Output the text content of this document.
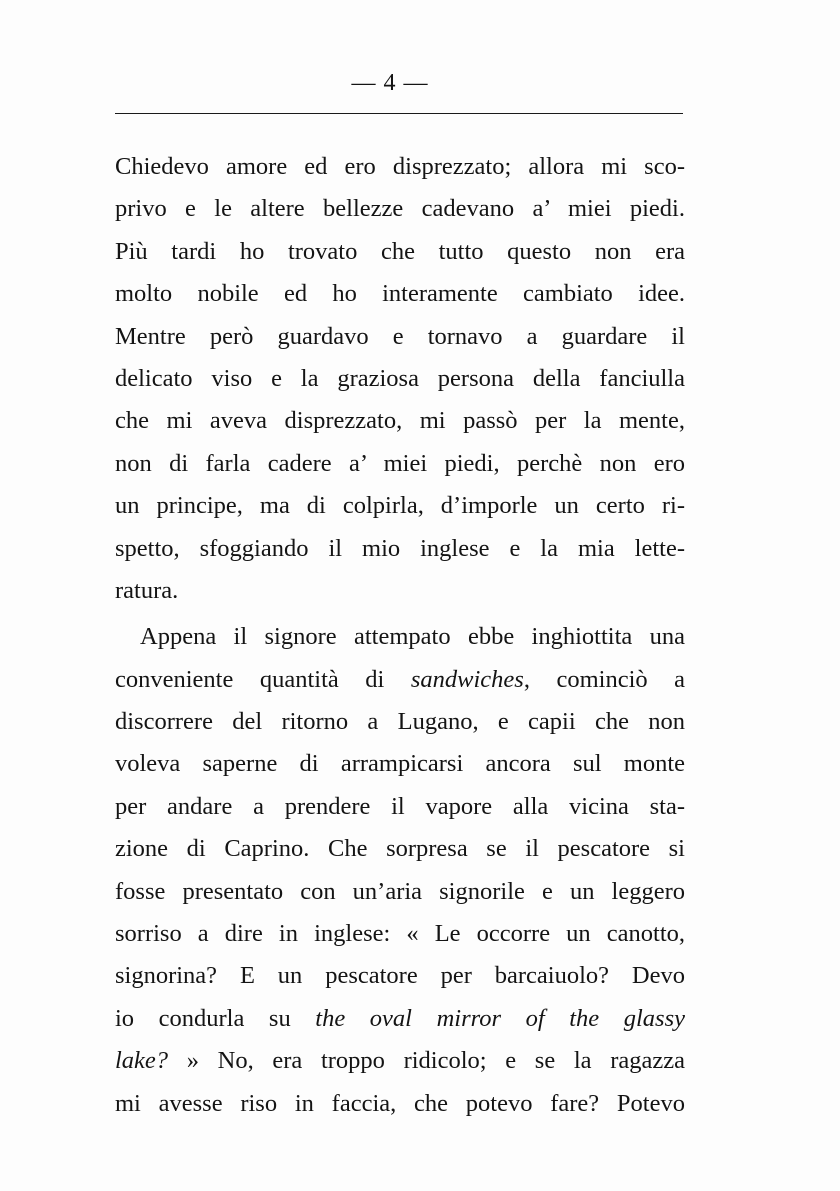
— 4 —
Chiedevo amore ed ero disprezzato; allora mi sco-
privo e le altere bellezze cadevano a’ miei piedi.
Più tardi ho trovato che tutto questo non era
molto nobile ed ho interamente cambiato idee.
Mentre però guardavo e tornavo a guardare il
delicato viso e la graziosa persona della fanciulla
che mi aveva disprezzato, mi passò per la mente,
non di farla cadere a’ miei piedi, perchè non ero
un principe, ma di colpirla, d’imporle un certo ri-
spetto, sfoggiando il mio inglese e la mia lette-
ratura.
Appena il signore attempato ebbe inghiottita una
conveniente quantità di sandwiches, cominciò a
discorrere del ritorno a Lugano, e capii che non
voleva saperne di arrampicarsi ancora sul monte
per andare a prendere il vapore alla vicina sta-
zione di Caprino. Che sorpresa se il pescatore si
fosse presentato con un’aria signorile e un leggero
sorriso a dire in inglese: « Le occorre un canotto,
signorina? E un pescatore per barcaiuolo? Devo
io condurla su the oval mirror of the glassy
lake? » No, era troppo ridicolo; e se la ragazza
mi avesse riso in faccia, che potevo fare? Potevo
